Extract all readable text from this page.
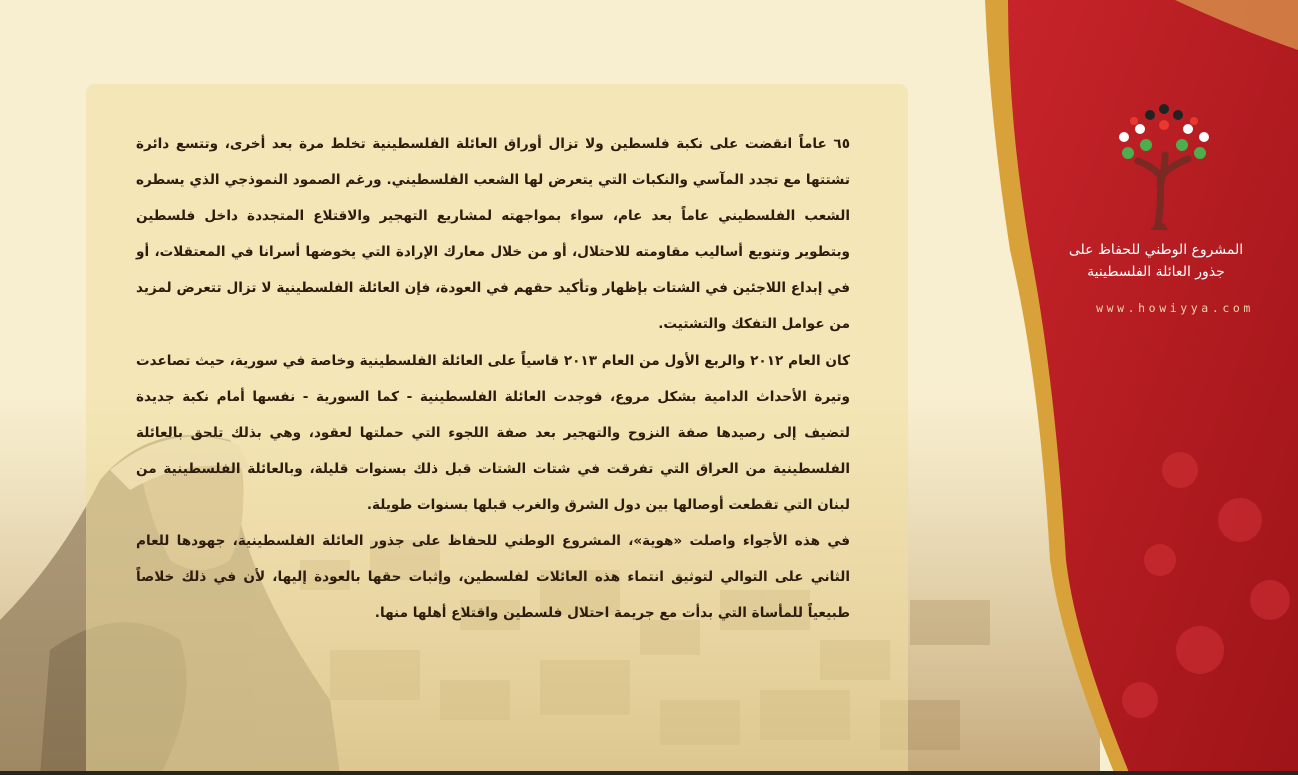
٦٥ عاماً انقضت على نكبة فلسطين ولا تزال أوراق العائلة الفلسطينية تخلط مرة بعد أخرى، وتتسع دائرة تشتتها مع تجدد المآسي والنكبات التي يتعرض لها الشعب الفلسطيني. ورغم الصمود النموذجي الذي يسطره الشعب الفلسطيني عاماً بعد عام، سواء بمواجهته لمشاريع التهجير والاقتلاع المتجددة داخل فلسطين وبتطوير وتنويع أساليب مقاومته للاحتلال، أو من خلال معارك الإرادة التي يخوضها أسرانا في المعتقلات، أو في إبداع اللاجئين في الشتات بإظهار وتأكيد حقهم في العودة، فإن العائلة الفلسطينية لا تزال تتعرض لمزيد من عوامل التفكك والتشتيت.

كان العام ٢٠١٢ والربع الأول من العام ٢٠١٣ قاسياً على العائلة الفلسطينية وخاصة في سورية، حيث تصاعدت وتيرة الأحداث الدامية بشكل مروع، فوجدت العائلة الفلسطينية - كما السورية - نفسها أمام نكبة جديدة لتضيف إلى رصيدها صفة النزوح والتهجير بعد صفة اللجوء التي حملتها لعقود، وهي بذلك تلحق بالعائلة الفلسطينية من العراق التي تفرقت في شتات الشتات قبل ذلك بسنوات قليلة، وبالعائلة الفلسطينية من لبنان التي تقطعت أوصالها بين دول الشرق والغرب قبلها بسنوات طويلة.

في هذه الأجواء واصلت «هوية»، المشروع الوطني للحفاظ على جذور العائلة الفلسطينية، جهودها للعام الثاني على التوالي لتوثيق انتماء هذه العائلات لفلسطين، وإثبات حقها بالعودة إليها، لأن في ذلك خلاصاً طبيعياً للمأساة التي بدأت مع جريمة احتلال فلسطين واقتلاع أهلها منها.

المشروع الوطني للحفاظ على
جذور العائلة الفلسطينية
www.howiyya.com
